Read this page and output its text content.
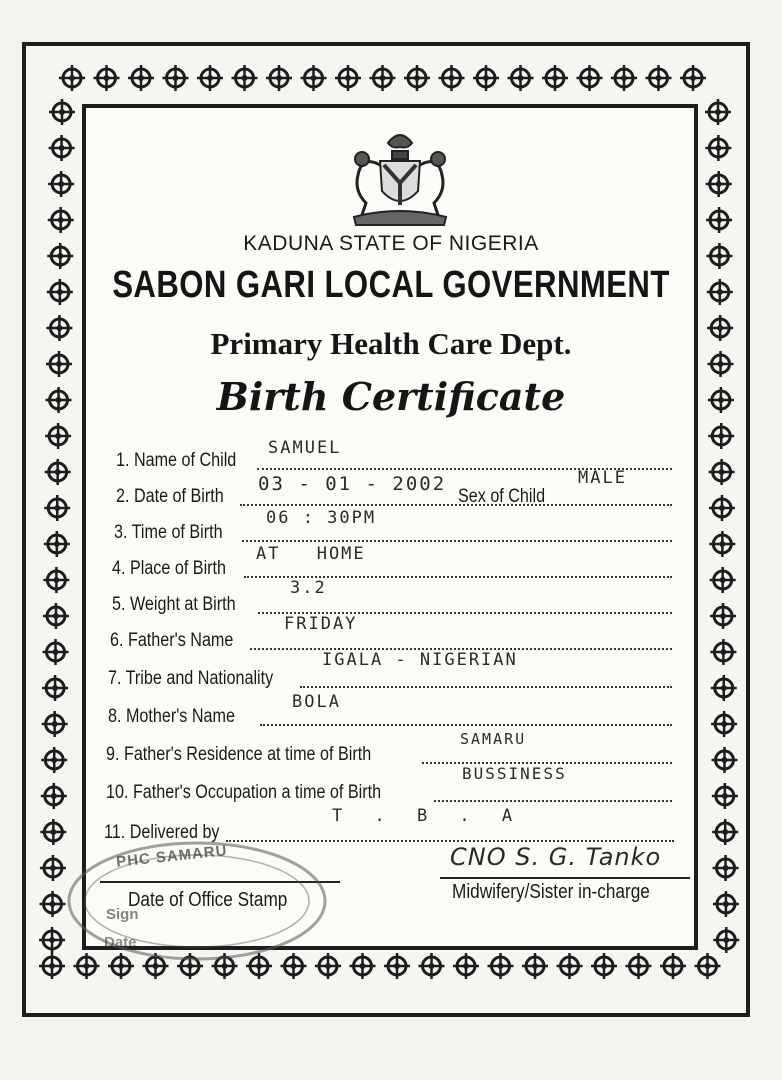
KADUNA STATE OF NIGERIA
SABON GARI LOCAL GOVERNMENT
Primary Health Care Dept.
Birth Certificate
1. Name of Child
SAMUEL
2. Date of Birth	Sex of Child
03 - 01 - 2002	MALE
3. Time of Birth
06 : 30PM
4. Place of Birth
AT HOME
5. Weight at Birth
3.2
6. Father's Name
FRIDAY
7. Tribe and Nationality
IGALA - NIGERIAN
8. Mother's Name
BOLA
9. Father's Residence at time of Birth
SAMARU
10. Father's Occupation a time of Birth
BUSSINESS
11. Delivered by
T . B . A
CNO S. G. Tanko
Midwifery/Sister in-charge
Date of Office Stamp
PHC SAMARU
Sign
Date
